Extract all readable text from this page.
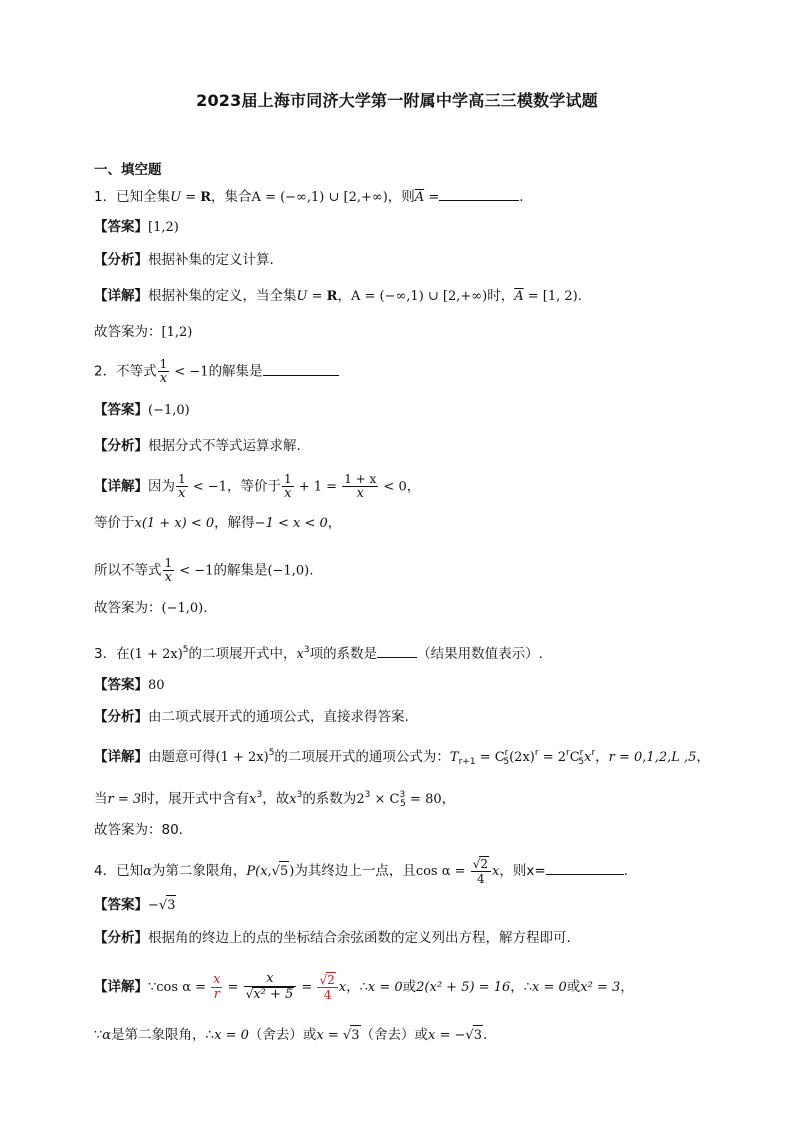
2023届上海市同济大学第一附属中学高三三模数学试题
一、填空题
1．已知全集U = R，集合A = (−∞,1) ∪ [2,+∞)，则$\overline{A}$ =	.
【答案】[1,2)
【分析】根据补集的定义计算.
【详解】根据补集的定义，当全集U = R，A = (−∞,1) ∪ [2,+∞)时，$\overline{A} = [1$, 2).
故答案为：[1,2)
2．不等式 $\frac{1}{x} < -1$的解集是
【答案】(−1,0)
【分析】根据分式不等式运算求解.
【详解】因为 $\frac{1}{x} < -1$，等价于 $\frac{1}{x} + 1 = \frac{1 + x}{x} < 0$，
等价于x(1 + x) < 0，解得−1 < x < 0，
所以不等式 $\frac{1}{x} < -1$的解集是(−1,0).
故答案为：(−1,0).
3．在$(1 + 2x)^5$的二项展开式中，$x^3$项的系数是	（结果用数值表示）.
【答案】80
【分析】由二项式展开式的通项公式，直接求得答案.
【详解】由题意可得$(1 + 2x)^5$的二项展开式的通项公式为：$T_{r+1} = C^r_5(2x)^r = 2^rC^r_5x^r$，r = 0,1,2,L ,5，
当r = 3时，展开式中含有$x^3$，故$x^3$的系数为$2^3 \times C^3_5 = 80$，
故答案为：80.
4．已知α为第二象限角，P(x,√5)为其终边上一点，且$\cos \alpha = \frac{√2}{4}$ x，则x=	.
【答案】−√3
【分析】根据角的终边上的点的坐标结合余弦函数的定义列出方程，解方程即可.
【详解】∵cos $\alpha = \frac{x}{r} = \frac{x}{\text{√x² + 5}} = \frac{√2}{4}$ x，∴x = 0或2(x² + 5) = 16，∴x = 0或x² = 3，
∵α是第二象限角，∴x = 0（舍去）或x = √3（舍去）或x = −√3.
